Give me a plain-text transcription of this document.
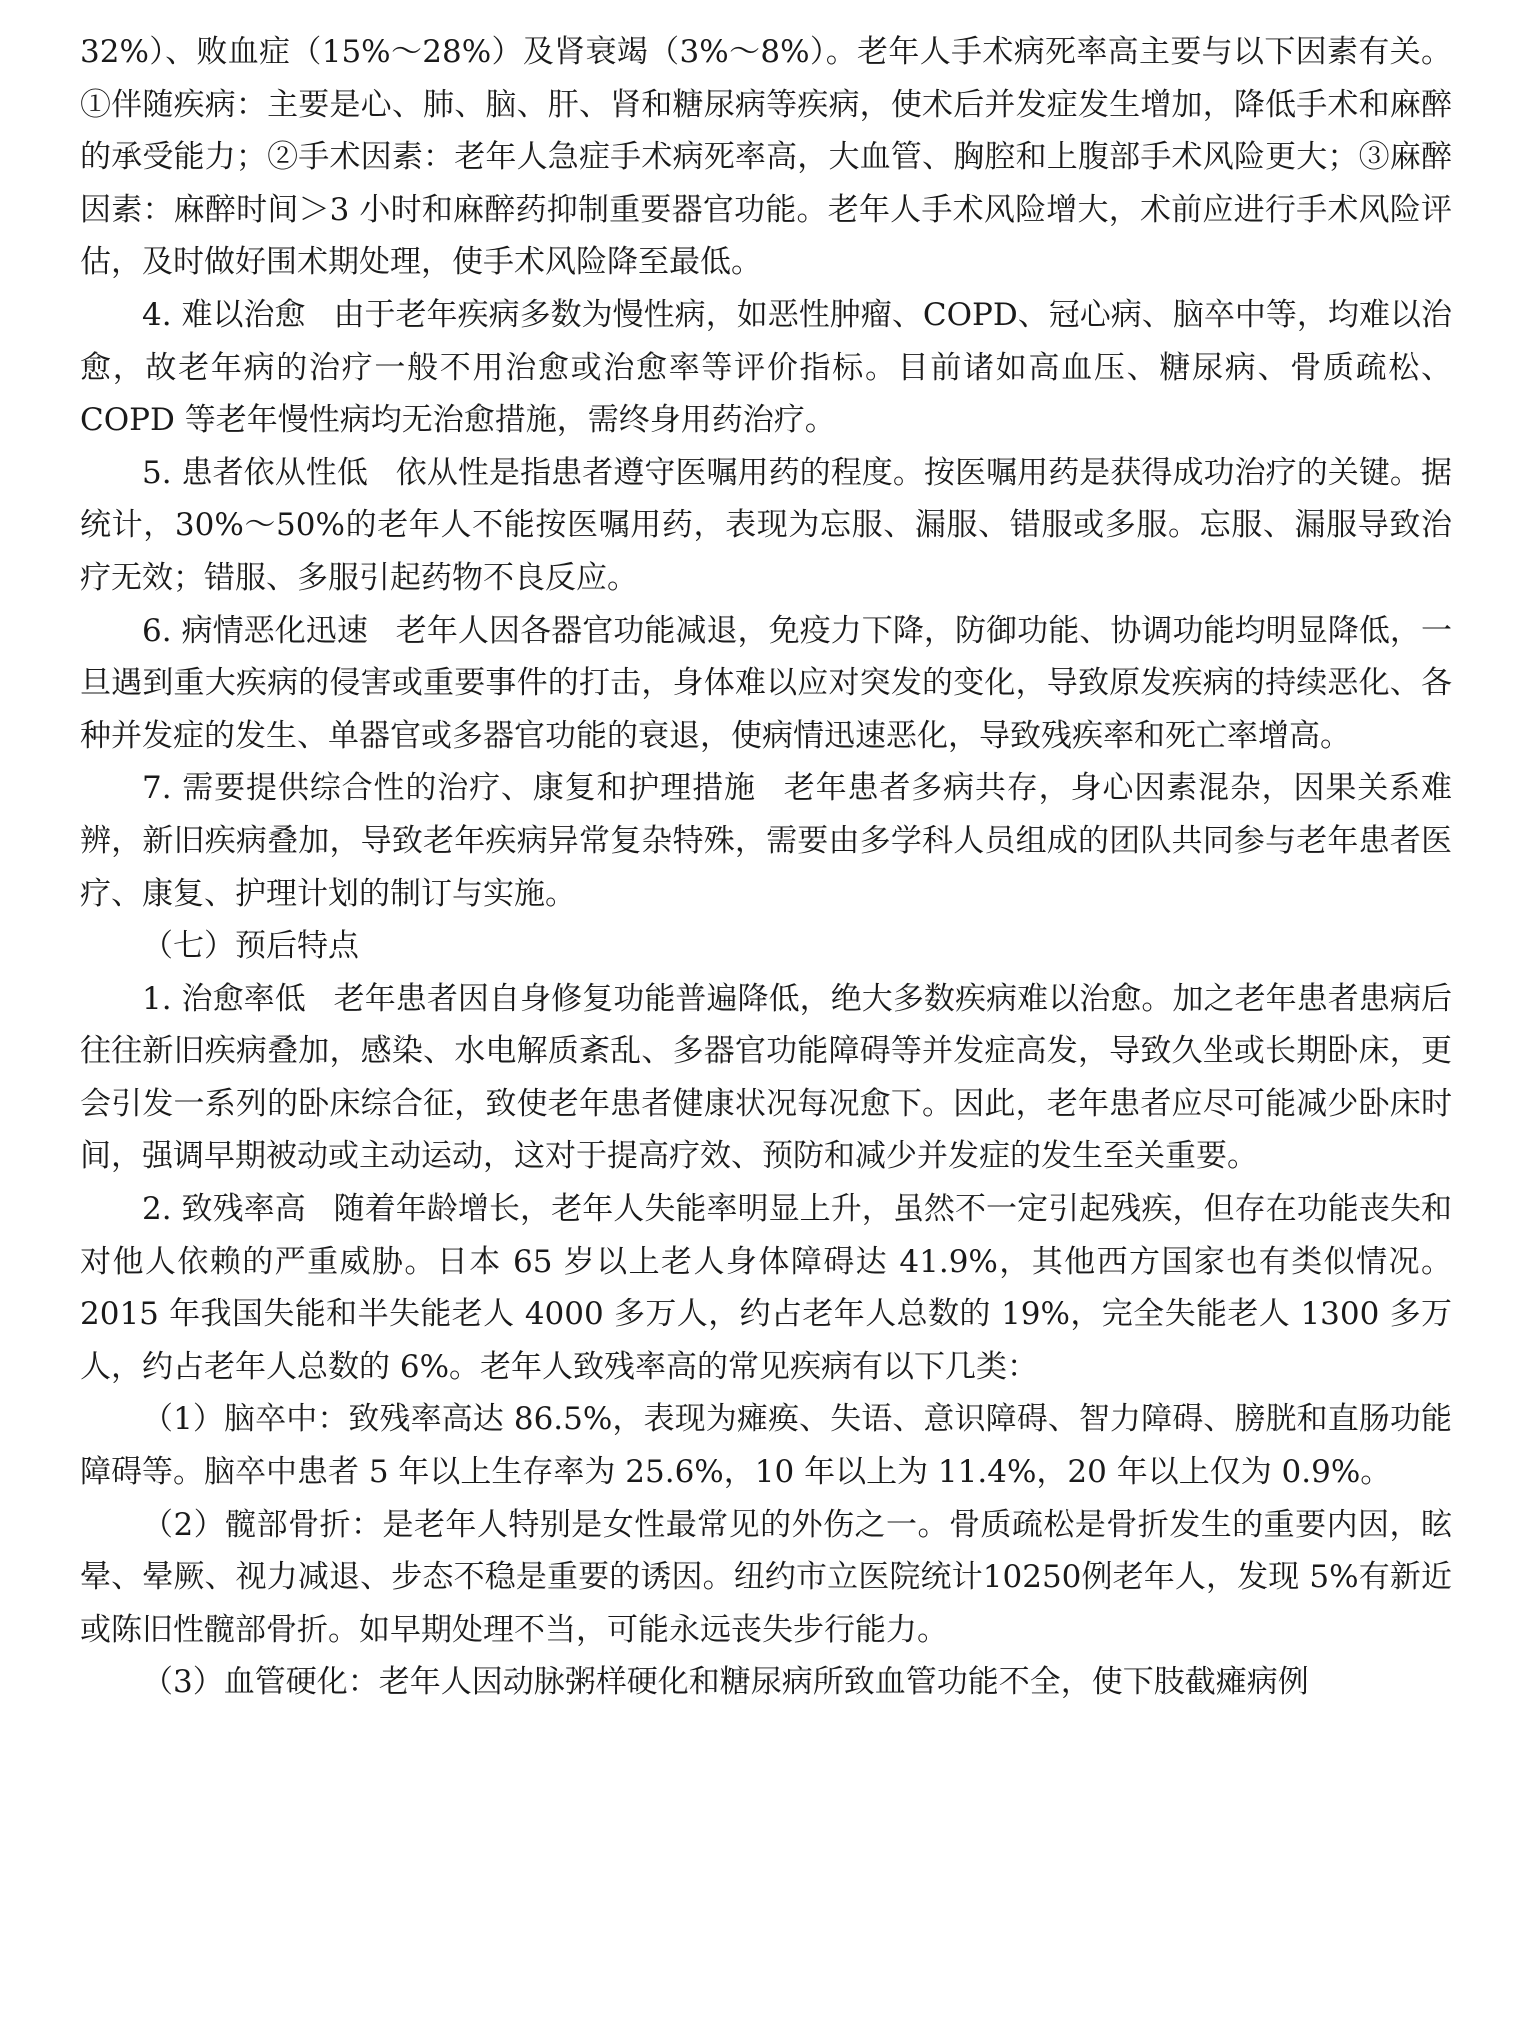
32%）、败血症（15%～28%）及肾衰竭（3%～8%）。老年人手术病死率高主要与以下因素有关。①伴随疾病：主要是心、肺、脑、肝、肾和糖尿病等疾病，使术后并发症发生增加，降低手术和麻醉的承受能力；②手术因素：老年人急症手术病死率高，大血管、胸腔和上腹部手术风险更大；③麻醉因素：麻醉时间＞3 小时和麻醉药抑制重要器官功能。老年人手术风险增大，术前应进行手术风险评估，及时做好围术期处理，使手术风险降至最低。

4. 难以治愈 由于老年疾病多数为慢性病，如恶性肿瘤、COPD、冠心病、脑卒中等，均难以治愈，故老年病的治疗一般不用治愈或治愈率等评价指标。目前诸如高血压、糖尿病、骨质疏松、COPD 等老年慢性病均无治愈措施，需终身用药治疗。

5. 患者依从性低 依从性是指患者遵守医嘱用药的程度。按医嘱用药是获得成功治疗的关键。据统计，30%～50%的老年人不能按医嘱用药，表现为忘服、漏服、错服或多服。忘服、漏服导致治疗无效；错服、多服引起药物不良反应。

6. 病情恶化迅速 老年人因各器官功能减退，免疫力下降，防御功能、协调功能均明显降低，一旦遇到重大疾病的侵害或重要事件的打击，身体难以应对突发的变化，导致原发疾病的持续恶化、各种并发症的发生、单器官或多器官功能的衰退，使病情迅速恶化，导致残疾率和死亡率增高。

7. 需要提供综合性的治疗、康复和护理措施 老年患者多病共存，身心因素混杂，因果关系难辨，新旧疾病叠加，导致老年疾病异常复杂特殊，需要由多学科人员组成的团队共同参与老年患者医疗、康复、护理计划的制订与实施。

（七）预后特点

1. 治愈率低 老年患者因自身修复功能普遍降低，绝大多数疾病难以治愈。加之老年患者患病后往往新旧疾病叠加，感染、水电解质紊乱、多器官功能障碍等并发症高发，导致久坐或长期卧床，更会引发一系列的卧床综合征，致使老年患者健康状况每况愈下。因此，老年患者应尽可能减少卧床时间，强调早期被动或主动运动，这对于提高疗效、预防和减少并发症的发生至关重要。

2. 致残率高 随着年龄增长，老年人失能率明显上升，虽然不一定引起残疾，但存在功能丧失和对他人依赖的严重威胁。日本 65 岁以上老人身体障碍达 41.9%，其他西方国家也有类似情况。2015 年我国失能和半失能老人 4000 多万人，约占老年人总数的 19%，完全失能老人 1300 多万人，约占老年人总数的 6%。老年人致残率高的常见疾病有以下几类：

（1）脑卒中：致残率高达 86.5%，表现为瘫痪、失语、意识障碍、智力障碍、膀胱和直肠功能障碍等。脑卒中患者 5 年以上生存率为 25.6%，10 年以上为 11.4%，20 年以上仅为 0.9%。

（2）髋部骨折：是老年人特别是女性最常见的外伤之一。骨质疏松是骨折发生的重要内因，眩晕、晕厥、视力减退、步态不稳是重要的诱因。纽约市立医院统计10250例老年人，发现 5%有新近或陈旧性髋部骨折。如早期处理不当，可能永远丧失步行能力。

（3）血管硬化：老年人因动脉粥样硬化和糖尿病所致血管功能不全，使下肢截瘫病例
